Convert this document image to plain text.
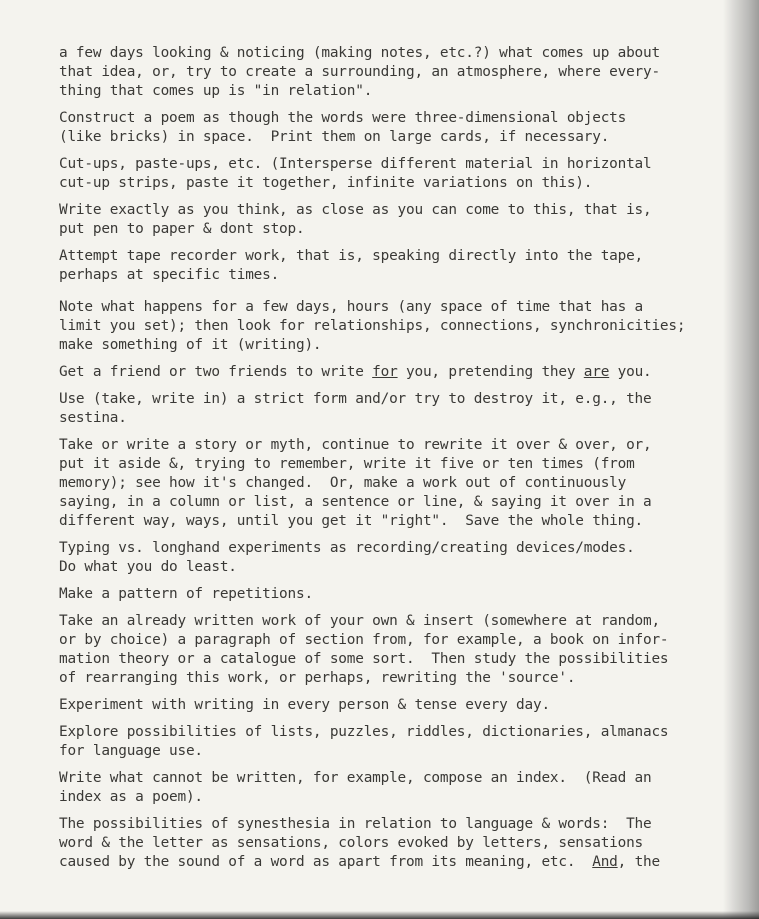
a few days looking & noticing (making notes, etc.?) what comes up about
that idea, or, try to create a surrounding, an atmosphere, where every-
thing that comes up is "in relation".
Construct a poem as though the words were three-dimensional objects
(like bricks) in space.  Print them on large cards, if necessary.
Cut-ups, paste-ups, etc. (Intersperse different material in horizontal
cut-up strips, paste it together, infinite variations on this).
Write exactly as you think, as close as you can come to this, that is,
put pen to paper & dont stop.
Attempt tape recorder work, that is, speaking directly into the tape,
perhaps at specific times.
Note what happens for a few days, hours (any space of time that has a
limit you set); then look for relationships, connections, synchronicities;
make something of it (writing).
Get a friend or two friends to write for you, pretending they are you.
Use (take, write in) a strict form and/or try to destroy it, e.g., the
sestina.
Take or write a story or myth, continue to rewrite it over & over, or,
put it aside &, trying to remember, write it five or ten times (from
memory); see how it's changed.  Or, make a work out of continuously
saying, in a column or list, a sentence or line, & saying it over in a
different way, ways, until you get it "right".  Save the whole thing.
Typing vs. longhand experiments as recording/creating devices/modes.
Do what you do least.
Make a pattern of repetitions.
Take an already written work of your own & insert (somewhere at random,
or by choice) a paragraph of section from, for example, a book on infor-
mation theory or a catalogue of some sort.  Then study the possibilities
of rearranging this work, or perhaps, rewriting the 'source'.
Experiment with writing in every person & tense every day.
Explore possibilities of lists, puzzles, riddles, dictionaries, almanacs
for language use.
Write what cannot be written, for example, compose an index.  (Read an
index as a poem).
The possibilities of synesthesia in relation to language & words:  The
word & the letter as sensations, colors evoked by letters, sensations
caused by the sound of a word as apart from its meaning, etc.  And, the
